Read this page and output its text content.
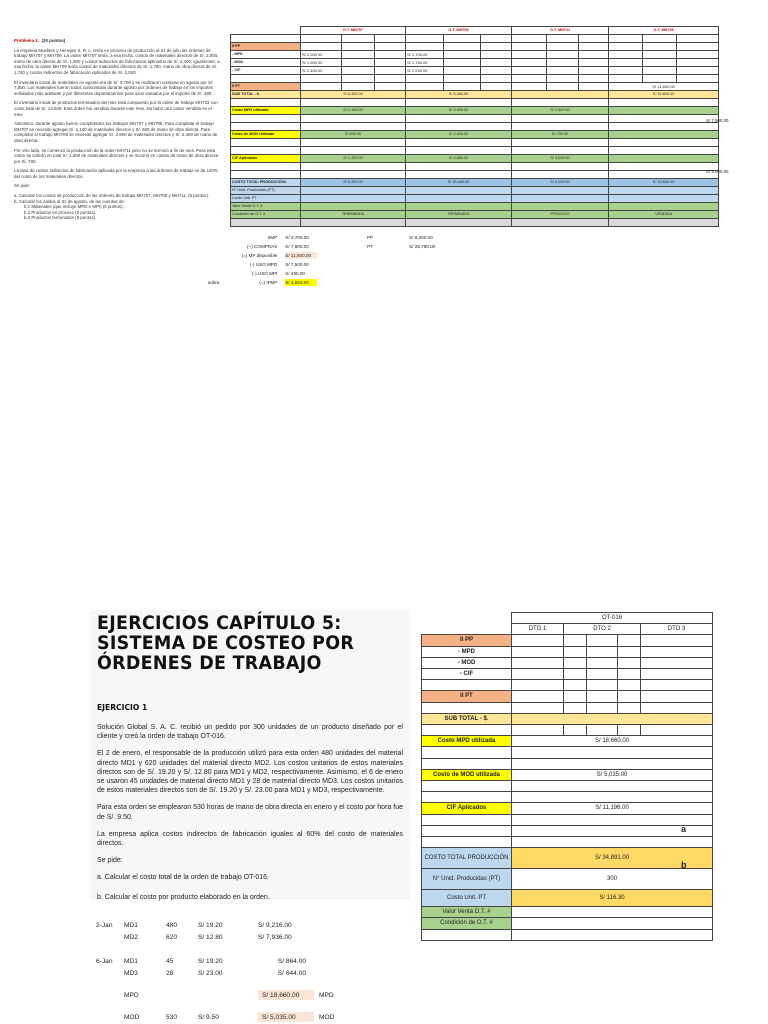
Problema 1: (20 puntos)

La empresa Muebles y Herrajes S. R. L. tenía en proceso de producción al 31 de julio las órdenes de trabajo MH707 y MH709. La orden MH707 tenía, a esa fecha, costos de materiales directos de S/. 2,000, mano de obra directa de S/. 1,900 y costos indirectos de fabricación aplicados de S/. 2,400; igualmente, a esa fecha, la orden MH709 tenía costos de materiales directos de S/. 1,700, mano de obra directa de S/. 1,740 y costos indirectos de fabricación aplicados de S/. 2,040.

El inventario inicial de materiales en agosto era de S/. 3,700 y se realizaron compras en agosto por S/. 7,800. Los materiales fueron todos consumidos durante agosto por órdenes de trabajo en los importes señalados más adelante y por diferentes departamentos para usos variados por el importe de S/. 480.

El inventario inicial de productos terminados del mes está compuesto por la orden de trabajo MH703 con costo total de S/. 14,600. Esta orden fue vendida durante este mes. No hubo otra orden vendida en el mes.

Asimismo, durante agosto fueron completados los trabajos MH707 y MH709. Para completar el trabajo MH707 se necesitó agregar S/. 1,100 de materiales directos y S/. 600 de mano de obra directa. Para completar el trabajo MH709 se necesitó agregar S/. 3,900 de materiales directos y S/. 2,400 de mano de obra directa.

Por otro lado, se comenzó la producción de la orden MH711 pero no se terminó a fin de mes. Para esta orden se solicitó en total S/. 2,500 de materiales directos y se incurrió en costos de mano de obra directa por S/. 700.

La tasa de costos indirectos de fabricación aplicada por la empresa a las órdenes de trabajo es de 120% del costo de los materiales directos.

Se pide:

a. Calcular los costos de producción de las órdenes de trabajo MH707, MH709 y MH711. (5 puntos).
b. Calcular los saldos al 31 de agosto, de las cuentas de:
b.1 Materiales (que incluye MPD e MPI) (5 puntos).
b.2 Productos en proceso (5 puntos).
b.3 Productos terminados (5 puntos).
	O.T. MH707			O.T. MH709			O.T. MH711			O.T. MH703		

II PP												
- MPD	S/ 2,000.00			S/ 1,700.00								
- MOD	S/ 1,900.00			S/ 1,740.00								
- CIF	S/ 2,400.00			S/ 2,040.00								

II PT										S/ 14,600.00		
SUB TOTAL - $.	S/ 6,300.00			S/ 5,480.00						S/ 14,600.00		

Costo MPD utilizada	S/ 1,100.00			S/ 3,900.00			S/ 2,500.00					

Costo de MOD utilizada	S/ 600.00			S/ 2,400.00			S/ 700.00					

CIF Aplicados	S/ 1,320.00			S/ 4,680.00			S/ 3,000.00					

COSTO TOTAL PRODUCCIÓN	S/ 9,320.00			S/ 16,460.00			S/ 6,200.00			S/ 14,600.00		
N° Unid. Producidas (PT)												
Costo Unit. PT												
Valor Venta O.T. #												
Condición de O.T. #	TERMINADA			TERMINADA			PROCESO			VENDIDA		

S/ 7,500.00
S/ 9,000.00
	IIMP	S/ 3,700.00		PP		S/ 6,200.00
	(+) COMPRAS	S/ 7,800.00		PT		S/ 25,780.00
	(=) MP disponible	S/ 11,500.00				
	(-) USO MPD	S/ 7,500.00				
	(-) USO MPI	S/ 480.00				
sobra	(=) IFMP	S/ 3,520.00				
EJERCICIOS CAPÍTULO 5: SISTEMA DE COSTEO POR ÓRDENES DE TRABAJO
EJERCICIO 1

Solución Global S. A. C. recibió un pedido por 300 unidades de un producto diseñado por el cliente y creó la orden de trabajo OT-016.

El 2 de enero, el responsable de la producción utilizó para esta orden 480 unidades del material directo MD1 y 620 unidades del material directo MD2. Los costos unitarios de estos materiales directos son de S/. 19.20 y S/. 12.80 para MD1 y MD2, respectivamente. Asimismo, el 6 de enero se usaron 45 unidades de material directo MD1 y 28 de material directo MD3. Los costos unitarios de estos materiales directos son de S/. 19.20 y S/. 23.00 para MD1 y MD3, respectivamente.

Para esta orden se emplearon 530 horas de mano de obra directa en enero y el costo por hora fue de S/. 9.50.

La empresa aplica costos indirectos de fabricación iguales al 60% del costo de materiales directos.

Se pide:

a. Calcular el costo total de la orden de trabajo OT-016.

b. Calcular el costo por producto elaborado en la orden.

	OT-016				
	DTO 1	DTO 2			DTO 3
II PP					
- MPD					
- MOD					
- CIF					

II PT					

SUB TOTAL - $.					

Costo MPD utilizada	S/ 18,660.00				

Costo de MOD utilizada	S/ 5,035.00				

CIF Aplicados	S/ 11,196.00				

COSTO TOTAL PRODUCCIÓN	S/ 34,891.00				
N° Unid. Producidas (PT)	300				
Costo Unit. PT	S/ 116.30				
Valor Venta O.T. #					
Condición de O.T. #					

a
b
2-Jan	MD1	480	S/ 19.20	S/ 9,216.00	
	MD2	620	S/ 12.80	S/ 7,936.00	

6-Jan	MD1	45	S/ 19.20	S/ 864.00	
	MD3	28	S/ 23.00	S/ 644.00	

	MPD			S/ 18,660.00	MPD

	MOD	530	S/ 9.50	S/ 5,035.00	MOD
